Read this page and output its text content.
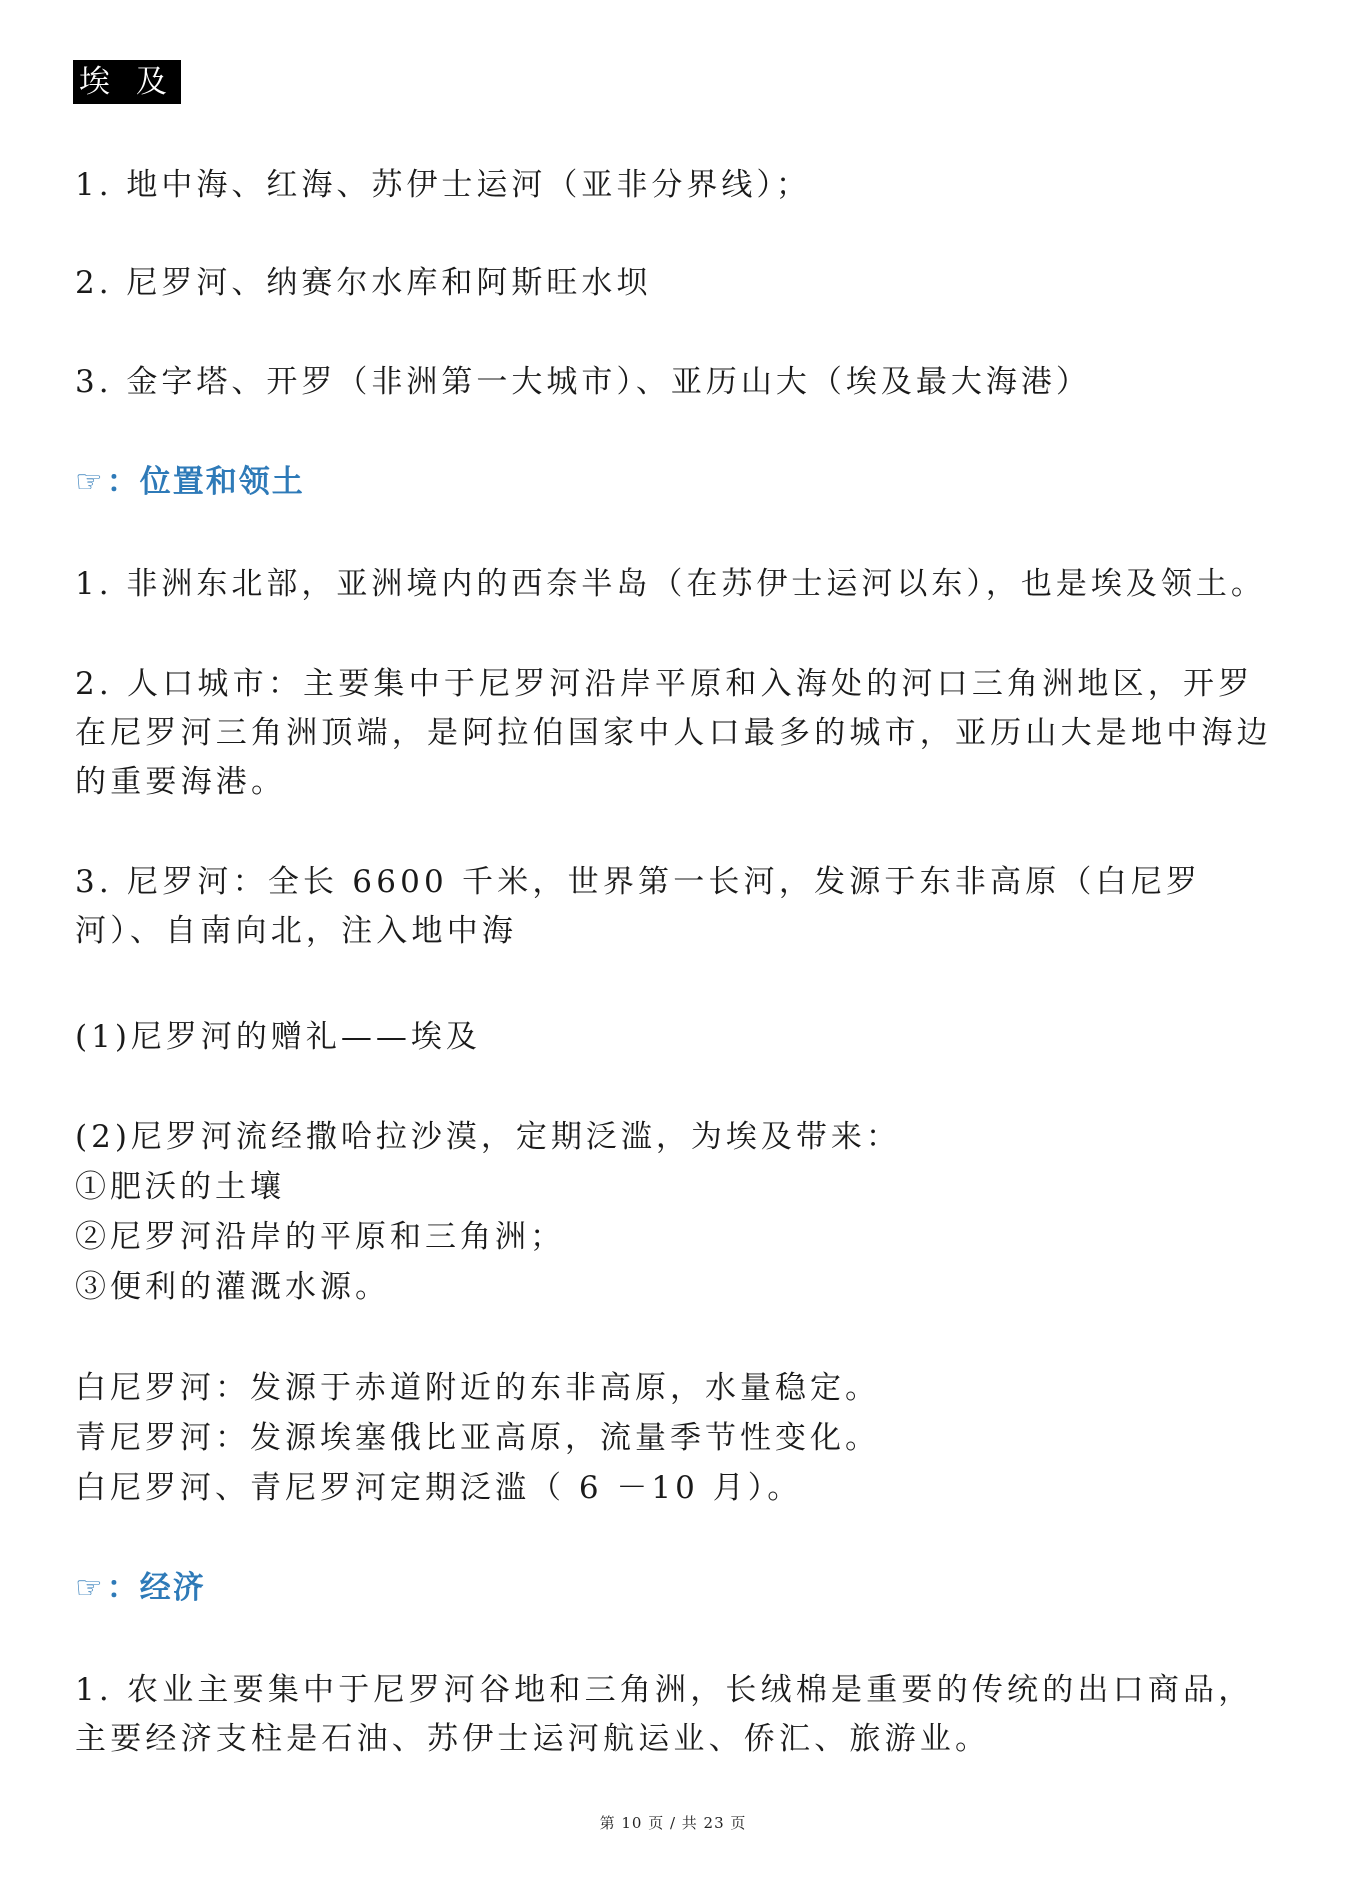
埃 及
1. 地中海、红海、苏伊士运河（亚非分界线）；
2. 尼罗河、纳赛尔水库和阿斯旺水坝
3. 金字塔、开罗（非洲第一大城市）、亚历山大（埃及最大海港）
☞：位置和领土
1. 非洲东北部，亚洲境内的西奈半岛（在苏伊士运河以东），也是埃及领土。
2. 人口城市：主要集中于尼罗河沿岸平原和入海处的河口三角洲地区，开罗在尼罗河三角洲顶端，是阿拉伯国家中人口最多的城市，亚历山大是地中海边的重要海港。
3. 尼罗河：全长 6600 千米，世界第一长河，发源于东非高原（白尼罗河）、自南向北，注入地中海
(1)尼罗河的赠礼——埃及
(2)尼罗河流经撒哈拉沙漠，定期泛滥，为埃及带来：
①肥沃的土壤
②尼罗河沿岸的平原和三角洲；
③便利的灌溉水源。
白尼罗河：发源于赤道附近的东非高原，水量稳定。
青尼罗河：发源埃塞俄比亚高原，流量季节性变化。
白尼罗河、青尼罗河定期泛滥（ 6 －10 月）。
☞：经济
1. 农业主要集中于尼罗河谷地和三角洲，长绒棉是重要的传统的出口商品，主要经济支柱是石油、苏伊士运河航运业、侨汇、旅游业。
第 10 页 / 共 23 页
